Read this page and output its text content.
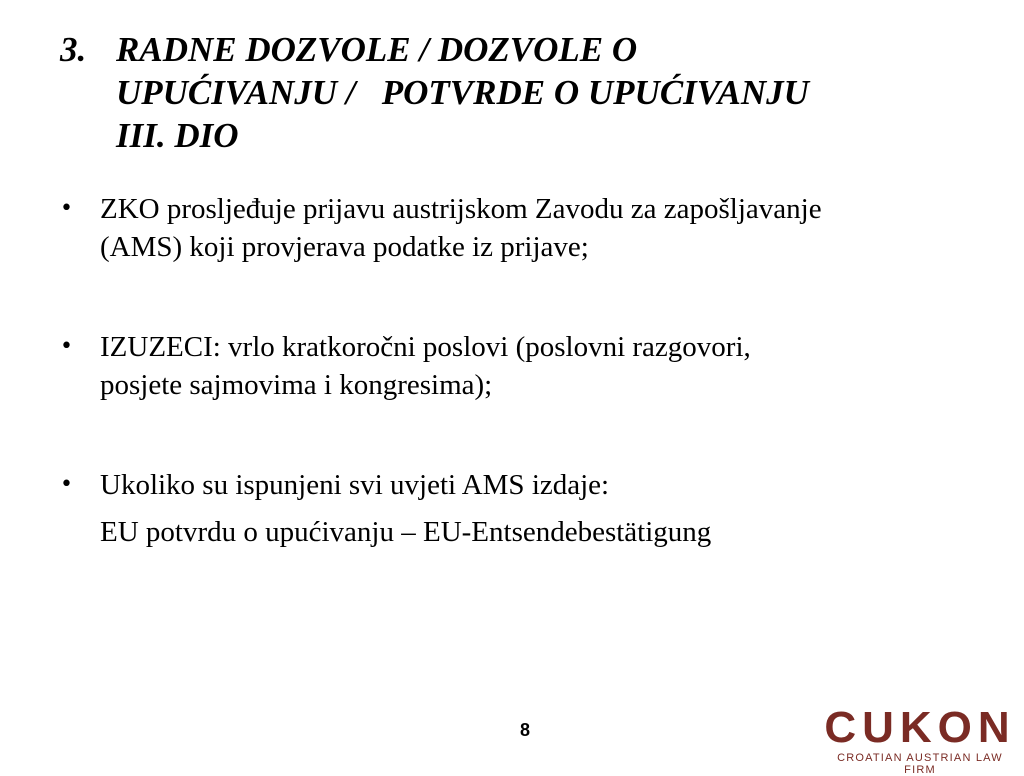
3. RADNE DOZVOLE / DOZVOLE O
UPUĆIVANJU /   POTVRDE O UPUĆIVANJU
III. DIO
• ZKO prosljeđuje prijavu austrijskom Zavodu za zapošljavanje
(AMS) koji provjerava podatke iz prijave;
• IZUZECI: vrlo kratkoročni poslovi (poslovni razgovori,
posjete sajmovima i kongresima);
• Ukoliko su ispunjeni svi uvjeti AMS izdaje:
EU potvrdu o upućivanju – EU-Entsendebestätigung
8	CUKON
CROATIAN AUSTRIAN LAW FIRM
